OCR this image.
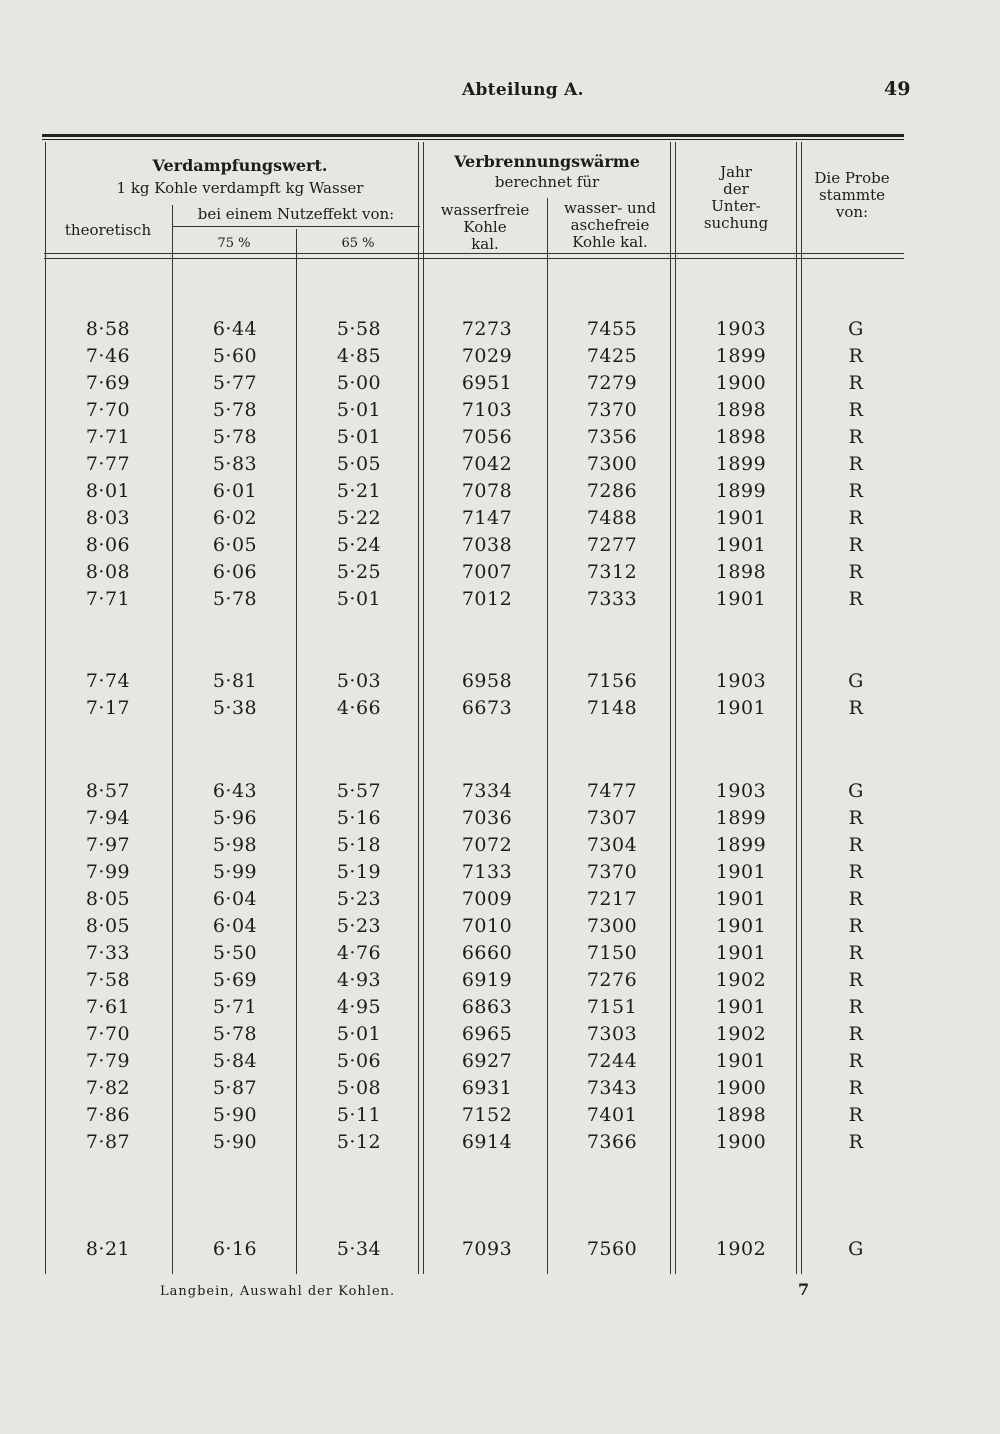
Abteilung A.	49
Verdampfungswert.
1 kg Kohle verdampft kg Wasser
bei einem Nutzeffekt von:
theoretisch
75 %	65 %
Verbrennungswärme
berechnet für
wasserfreie
Kohle
kal.
wasser- und
aschefreie
Kohle kal.
Jahr
der
Unter-
suchung
Die Probe
stammte
von:
8·58	6·44	5·58	7273	7455	1903	G
7·46	5·60	4·85	7029	7425	1899	R
7·69	5·77	5·00	6951	7279	1900	R
7·70	5·78	5·01	7103	7370	1898	R
7·71	5·78	5·01	7056	7356	1898	R
7·77	5·83	5·05	7042	7300	1899	R
8·01	6·01	5·21	7078	7286	1899	R
8·03	6·02	5·22	7147	7488	1901	R
8·06	6·05	5·24	7038	7277	1901	R
8·08	6·06	5·25	7007	7312	1898	R
7·71	5·78	5·01	7012	7333	1901	R
7·74	5·81	5·03	6958	7156	1903	G
7·17	5·38	4·66	6673	7148	1901	R
8·57	6·43	5·57	7334	7477	1903	G
7·94	5·96	5·16	7036	7307	1899	R
7·97	5·98	5·18	7072	7304	1899	R
7·99	5·99	5·19	7133	7370	1901	R
8·05	6·04	5·23	7009	7217	1901	R
8·05	6·04	5·23	7010	7300	1901	R
7·33	5·50	4·76	6660	7150	1901	R
7·58	5·69	4·93	6919	7276	1902	R
7·61	5·71	4·95	6863	7151	1901	R
7·70	5·78	5·01	6965	7303	1902	R
7·79	5·84	5·06	6927	7244	1901	R
7·82	5·87	5·08	6931	7343	1900	R
7·86	5·90	5·11	7152	7401	1898	R
7·87	5·90	5·12	6914	7366	1900	R
8·21	6·16	5·34	7093	7560	1902	G
Langbein, Auswahl der Kohlen.	7
